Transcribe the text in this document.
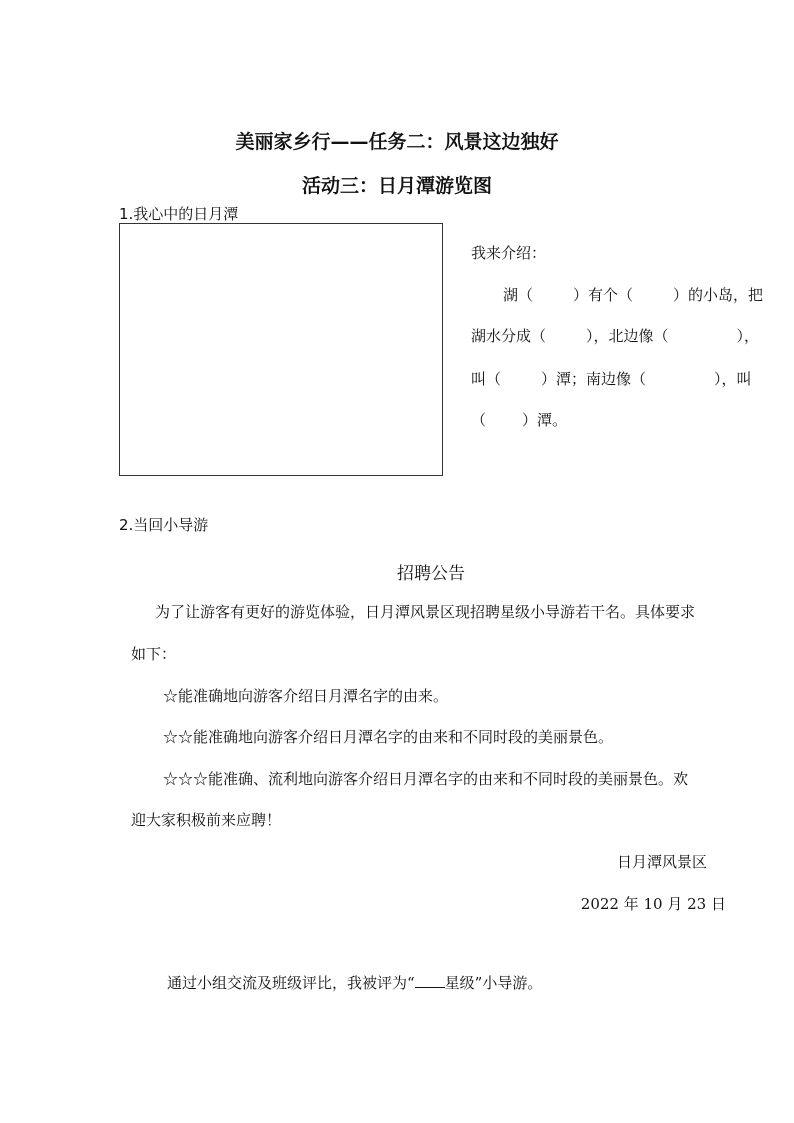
美丽家乡行——任务二：风景这边独好
活动三：日月潭游览图
1.我心中的日月潭
我来介绍：
湖（	）有个（	）的小岛，把
湖水分成（	），北边像（	），
叫（	）潭；南边像（	），叫
（ ）潭。
2.当回小导游
招聘公告
为了让游客有更好的游览体验，日月潭风景区现招聘星级小导游若干名。具体要求
如下：
☆能准确地向游客介绍日月潭名字的由来。
☆☆能准确地向游客介绍日月潭名字的由来和不同时段的美丽景色。
☆☆☆能准确、流利地向游客介绍日月潭名字的由来和不同时段的美丽景色。欢
迎大家积极前来应聘！
日月潭风景区
2022 年 10 月 23 日
通过小组交流及班级评比，我被评为“ 星级”小导游。
